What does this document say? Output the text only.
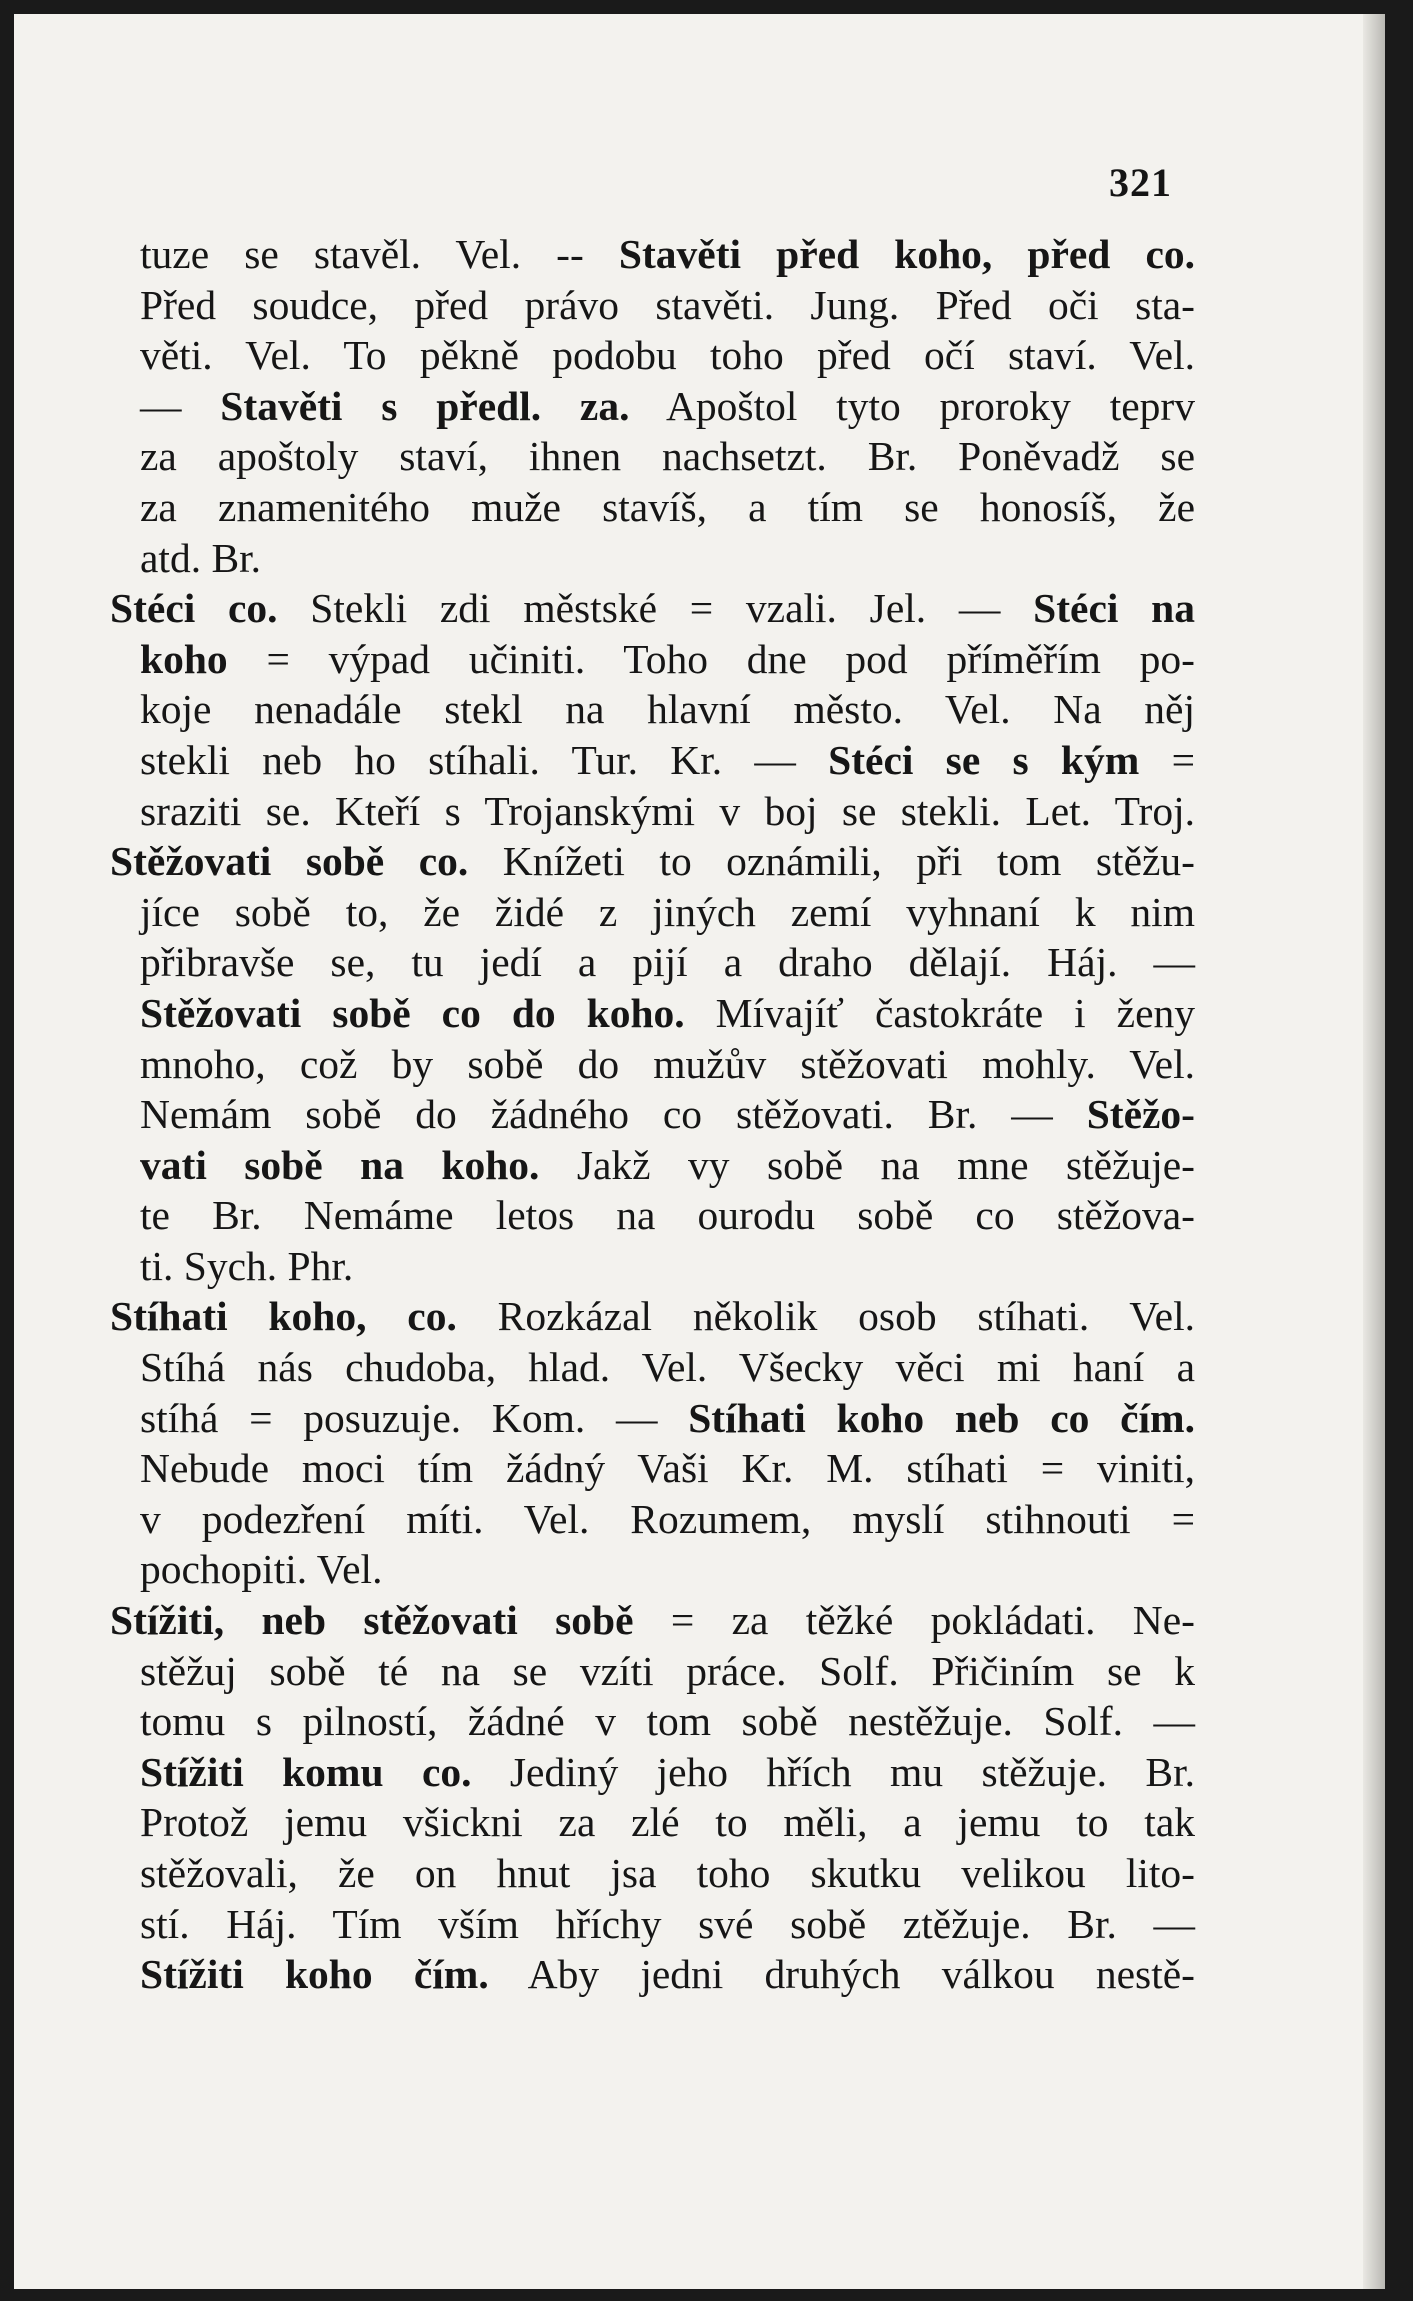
321
tuze se stavěl. Vel. -- Stavěti před koho, před co.
Před soudce, před právo stavěti. Jung. Před oči sta-
věti. Vel. To pěkně podobu toho před očí staví. Vel.
— Stavěti s předl. za. Apoštol tyto proroky teprv
za apoštoly staví, ihnen nachsetzt. Br. Poněvadž se
za znamenitého muže stavíš, a tím se honosíš, že
atd. Br.
Stéci co. Stekli zdi městské = vzali. Jel. — Stéci na
koho = výpad učiniti. Toho dne pod příměřím po-
koje nenadále stekl na hlavní město. Vel. Na něj
stekli neb ho stíhali. Tur. Kr. — Stéci se s kým =
sraziti se. Kteří s Trojanskými v boj se stekli. Let. Troj.
Stěžovati sobě co. Knížeti to oznámili, při tom stěžu-
jíce sobě to, že židé z jiných zemí vyhnaní k nim
přibravše se, tu jedí a pijí a draho dělají. Háj. —
Stěžovati sobě co do koho. Mívajíť častokráte i ženy
mnoho, což by sobě do mužův stěžovati mohly. Vel.
Nemám sobě do žádného co stěžovati. Br. — Stěžo-
vati sobě na koho. Jakž vy sobě na mne stěžuje-
te Br. Nemáme letos na ourodu sobě co stěžova-
ti. Sych. Phr.
Stíhati koho, co. Rozkázal několik osob stíhati. Vel.
Stíhá nás chudoba, hlad. Vel. Všecky věci mi haní a
stíhá = posuzuje. Kom. — Stíhati koho neb co čím.
Nebude moci tím žádný Vaši Kr. M. stíhati = viniti,
v podezření míti. Vel. Rozumem, myslí stihnouti =
pochopiti. Vel.
Stížiti, neb stěžovati sobě = za těžké pokládati. Ne-
stěžuj sobě té na se vzíti práce. Solf. Přičiním se k
tomu s pilností, žádné v tom sobě nestěžuje. Solf. —
Stížiti komu co. Jediný jeho hřích mu stěžuje. Br.
Protož jemu všickni za zlé to měli, a jemu to tak
stěžovali, že on hnut jsa toho skutku velikou lito-
stí. Háj. Tím vším hříchy své sobě ztěžuje. Br. —
Stížiti koho čím. Aby jedni druhých válkou nestě-
